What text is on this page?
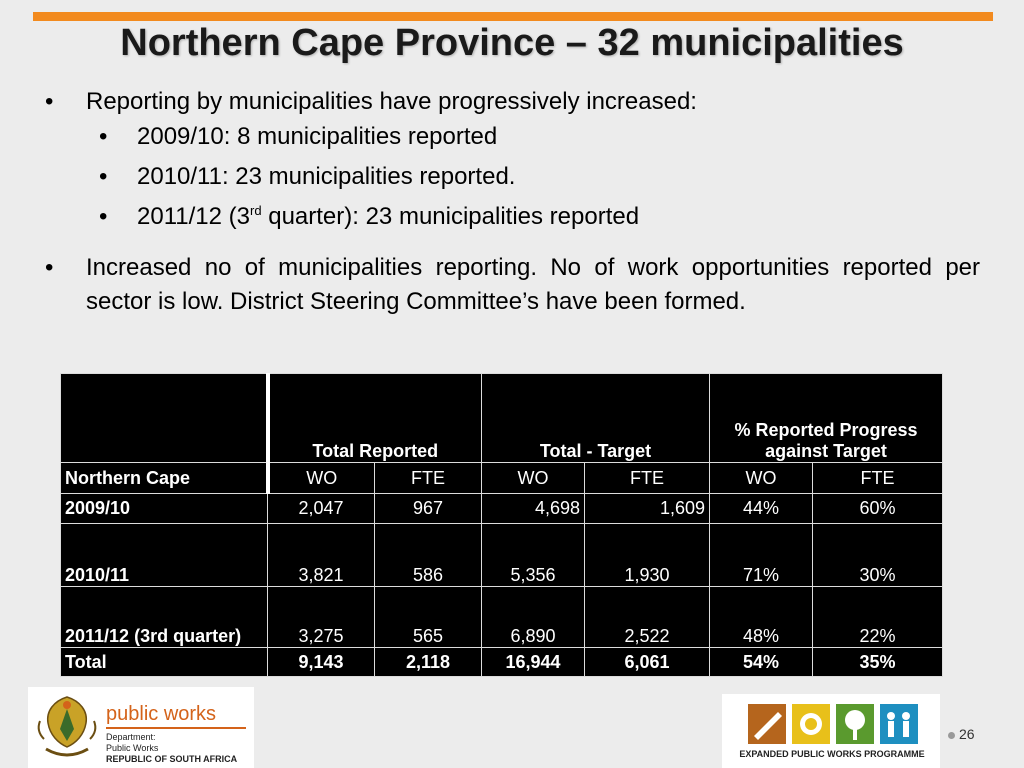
Northern Cape Province – 32 municipalities

• Reporting by municipalities have progressively increased:

• 2009/10: 8 municipalities reported

• 2010/11: 23 municipalities reported.

• 2011/12 (3rd quarter): 23 municipalities reported

• Increased no of municipalities reporting. No of work opportunities reported per sector is low. District Steering Committee’s have been formed.

	Total Reported		Total - Target		% Reported Progress against Target	
Northern Cape	WO	FTE	WO	FTE	WO	FTE
2009/10	2,047	967	4,698	1,609	44%	60%
2010/11	3,821	586	5,356	1,930	71%	30%
2011/12 (3rd quarter)	3,275	565	6,890	2,522	48%	22%
Total	9,143	2,118	16,944	6,061	54%	35%
public works
Department:
Public Works
REPUBLIC OF SOUTH AFRICA	EXPANDED PUBLIC WORKS PROGRAMME
26
